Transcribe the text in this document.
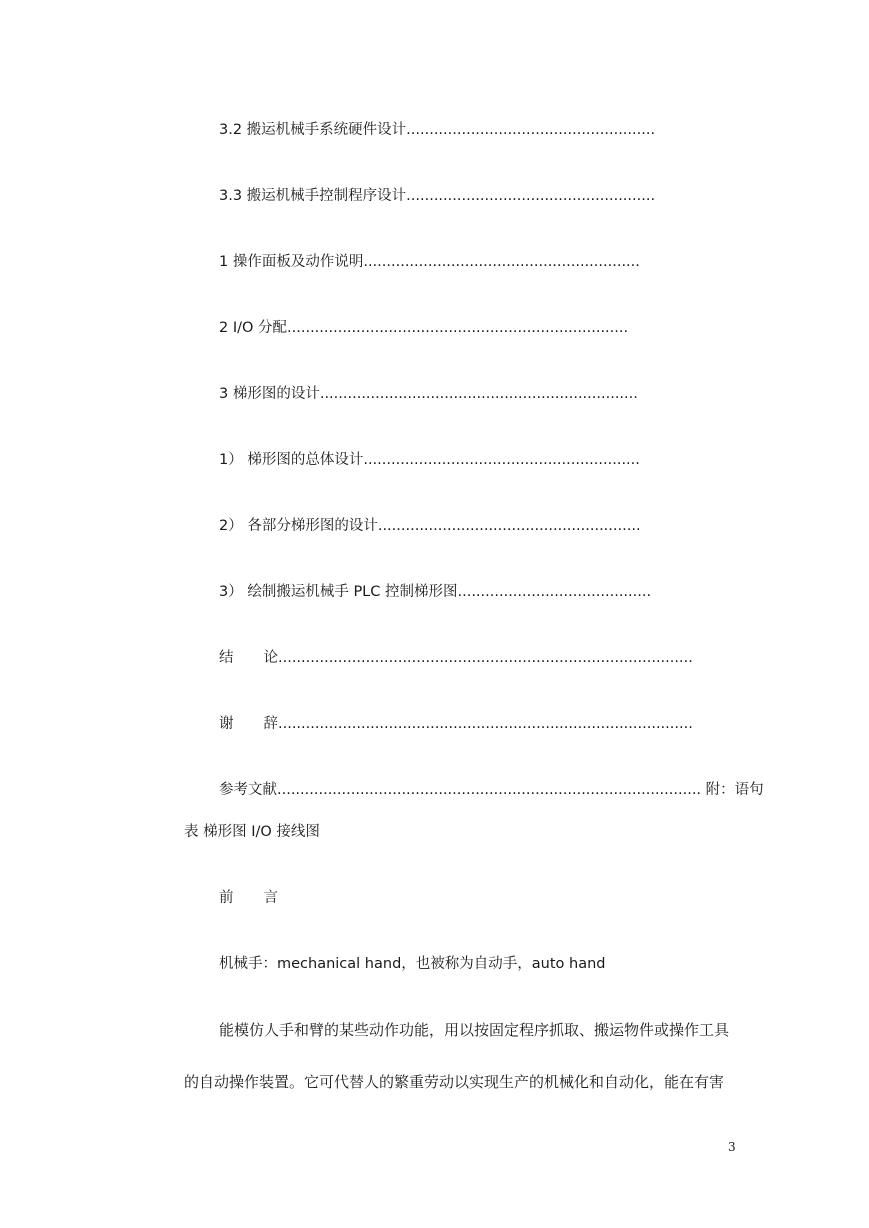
3.2 搬运机械手系统硬件设计......................................................
3.3 搬运机械手控制程序设计......................................................
1 操作面板及动作说明............................................................
2 I/O 分配..........................................................................
3 梯形图的设计.....................................................................
1） 梯形图的总体设计............................................................
2） 各部分梯形图的设计.........................................................
3） 绘制搬运机械手 PLC 控制梯形图..........................................
结 论..........................................................................................
谢 辞..........................................................................................
参考文献............................................................................................ 附：语句
表 梯形图 I/O 接线图
前 言
机械手：mechanical hand，也被称为自动手，auto hand
能模仿人手和臂的某些动作功能，用以按固定程序抓取、搬运物件或操作工具
的自动操作装置。它可代替人的繁重劳动以实现生产的机械化和自动化，能在有害
3
